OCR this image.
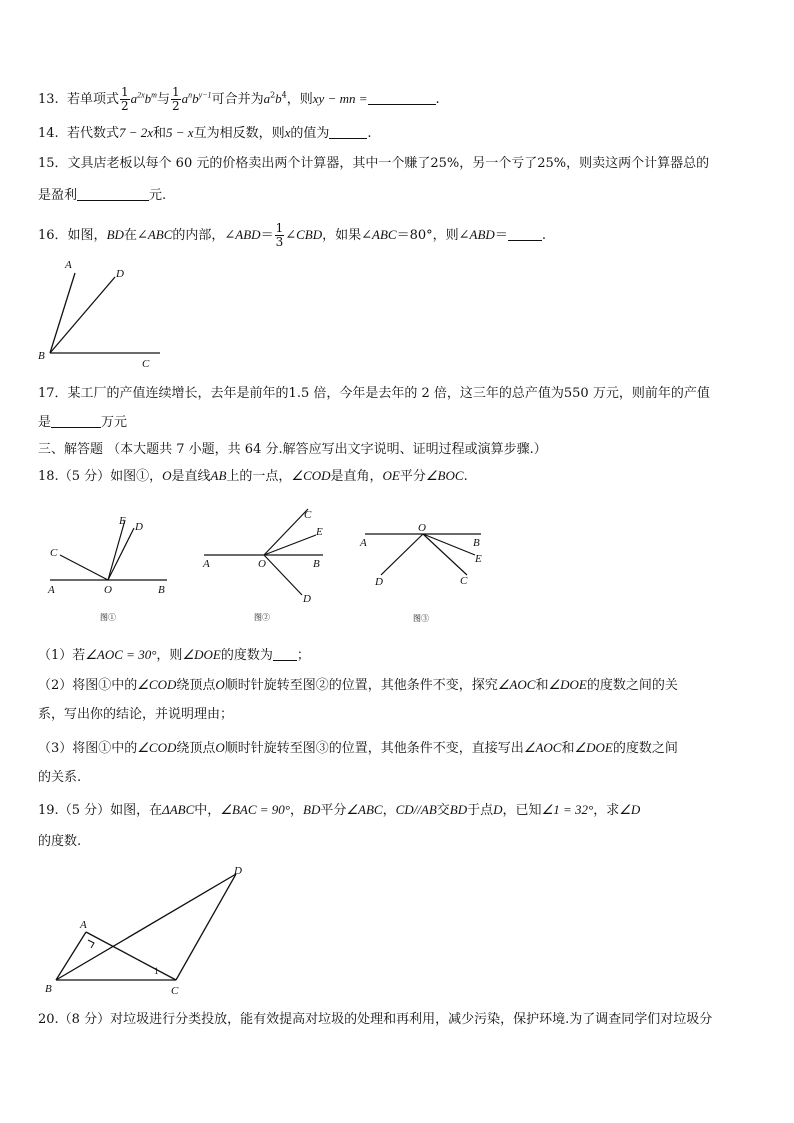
13. 若单项式 $\frac{1}{2} a^{2x}b^m$与 $\frac{1}{2} a^nb^{y-1}$可合并为$a^2b^4$，则xy − mn =	.
14. 若代数式7 − 2x和5 − x互为相反数，则x的值为	.
15．文具店老板以每个 60 元的价格卖出两个计算器，其中一个赚了25%，另一个亏了25%，则卖这两个计算器总的
是盈利	元.
16．如图，BD在∠ABC的内部，∠ABD＝ $\frac{1}{3}$ ∠CBD，如果∠ABC＝80°，则∠ABD＝	.
A
D
B
C
17．某工厂的产值连续增长，去年是前年的1.5 倍，今年是去年的 2 倍，这三年的总产值为550 万元，则前年的产值
是	万元
三、解答题 （本大题共 7 小题，共 64 分.解答应写出文字说明、证明过程或演算步骤.）
18.（5 分）如图①，O是直线AB上的一点，∠COD是直角，OE平分∠BOC.
A	O	B
C
E D
图①
A	O	B
C
E
D
图②
A
O
B
C
E
D
图③
（1）若∠AOC = 30°，则∠DOE的度数为 ；
（2）将图①中的∠COD绕顶点O顺时针旋转至图②的位置，其他条件不变，探究∠AOC和∠DOE的度数之间的关
系，写出你的结论，并说明理由；
（3）将图①中的∠COD绕顶点O顺时针旋转至图③的位置，其他条件不变，直接写出∠AOC和∠DOE的度数之间
的关系.
19.（5 分）如图，在ΔABC中，∠BAC = 90°，BD平分∠ABC，CD//AB交BD于点D，已知∠1 = 32°，求∠D
的度数.
A
B	C
D
1
20.（8 分）对垃圾进行分类投放，能有效提高对垃圾的处理和再利用，减少污染，保护环境.为了调查同学们对垃圾分
